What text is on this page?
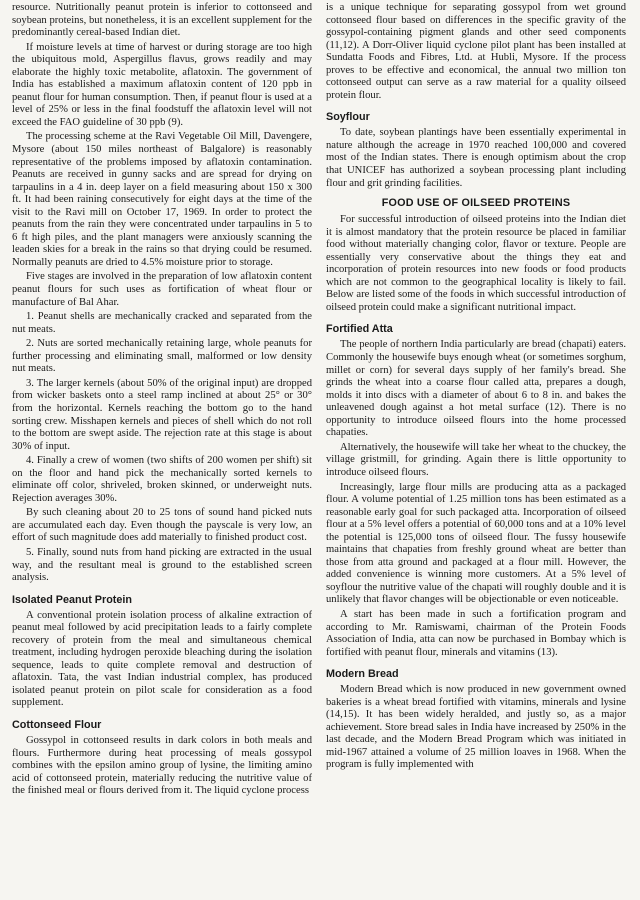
resource. Nutritionally peanut protein is inferior to cottonseed and soybean proteins, but nonetheless, it is an excellent supplement for the predominantly cereal-based Indian diet.

If moisture levels at time of harvest or during storage are too high the ubiquitous mold, Aspergillus flavus, grows readily and may elaborate the highly toxic metabolite, aflatoxin. The government of India has established a maximum aflatoxin content of 120 ppb in peanut flour for human consumption. Then, if peanut flour is used at a level of 25% or less in the final foodstuff the aflatoxin level will not exceed the FAO guideline of 30 ppb (9).

The processing scheme at the Ravi Vegetable Oil Mill, Davengere, Mysore (about 150 miles northeast of Balgalore) is reasonably representative of the problems imposed by aflatoxin contamination. Peanuts are received in gunny sacks and are spread for drying on tarpaulins in a 4 in. deep layer on a field measuring about 150 x 300 ft. It had been raining consecutively for eight days at the time of the visit to the Ravi mill on October 17, 1969. In order to protect the peanuts from the rain they were concentrated under tarpaulins in 5 to 6 ft high piles, and the plant managers were anxiously scanning the leaden skies for a break in the rains so that drying could be resumed. Normally peanuts are dried to 4.5% moisture prior to storage.

Five stages are involved in the preparation of low aflatoxin content peanut flours for such uses as fortification of wheat flour or manufacture of Bal Ahar.

1. Peanut shells are mechanically cracked and separated from the nut meats.

2. Nuts are sorted mechanically retaining large, whole peanuts for further processing and eliminating small, malformed or low density nut meats.

3. The larger kernels (about 50% of the original input) are dropped from wicker baskets onto a steel ramp inclined at about 25° or 30° from the horizontal. Kernels reaching the bottom go to the hand sorting crew. Misshapen kernels and pieces of shell which do not roll to the bottom are swept aside. The rejection rate at this stage is about 30% of input.

4. Finally a crew of women (two shifts of 200 women per shift) sit on the floor and hand pick the mechanically sorted kernels to eliminate off color, shriveled, broken skinned, or underweight nuts. Rejection averages 30%.

By such cleaning about 20 to 25 tons of sound hand picked nuts are accumulated each day. Even though the payscale is very low, an effort of such magnitude does add materially to finished product cost.

5. Finally, sound nuts from hand picking are extracted in the usual way, and the resultant meal is ground to the established screen analysis.

Isolated Peanut Protein

A conventional protein isolation process of alkaline extraction of peanut meal followed by acid precipitation leads to a fairly complete recovery of protein from the meal and simultaneous chemical treatment, including hydrogen peroxide bleaching during the isolation sequence, leads to quite complete removal and destruction of aflatoxin. Tata, the vast Indian industrial complex, has produced isolated peanut protein on pilot scale for consideration as a food supplement.

Cottonseed Flour

Gossypol in cottonseed results in dark colors in both meals and flours. Furthermore during heat processing of meals gossypol combines with the epsilon amino group of lysine, the limiting amino acid of cottonseed protein, materially reducing the nutritive value of the finished meal or flours derived from it. The liquid cyclone process

is a unique technique for separating gossypol from wet ground cottonseed flour based on differences in the specific gravity of the gossypol-containing pigment glands and other seed components (11,12). A Dorr-Oliver liquid cyclone pilot plant has been installed at Sundatta Foods and Fibres, Ltd. at Hubli, Mysore. If the process proves to be effective and economical, the annual two million ton cottonseed output can serve as a raw material for a quality oilseed protein flour.

Soyflour

To date, soybean plantings have been essentially experimental in nature although the acreage in 1970 reached 100,000 and covered most of the Indian states. There is enough optimism about the crop that UNICEF has authorized a soybean processing plant including flour and grit grinding facilities.

FOOD USE OF OILSEED PROTEINS

For successful introduction of oilseed proteins into the Indian diet it is almost mandatory that the protein resource be placed in familiar food without materially changing color, flavor or texture. People are essentially very conservative about the things they eat and incorporation of protein resources into new foods or food products which are not common to the geographical locality is likely to fail. Below are listed some of the foods in which successful introduction of oilseed protein could make a significant nutritional impact.

Fortified Atta

The people of northern India particularly are bread (chapati) eaters. Commonly the housewife buys enough wheat (or sometimes sorghum, millet or corn) for several days supply of her family's bread. She grinds the wheat into a coarse flour called atta, prepares a dough, molds it into discs with a diameter of about 6 to 8 in. and bakes the unleavened dough against a hot metal surface (12). There is no opportunity to introduce oilseed flours into the home processed chapaties.

Alternatively, the housewife will take her wheat to the chuckey, the village gristmill, for grinding. Again there is little opportunity to introduce oilseed flours.

Increasingly, large flour mills are producing atta as a packaged flour. A volume potential of 1.25 million tons has been estimated as a reasonable early goal for such packaged atta. Incorporation of oilseed flour at a 5% level offers a potential of 60,000 tons and at a 10% level the potential is 125,000 tons of oilseed flour. The fussy housewife maintains that chapaties from freshly ground wheat are better than those from atta ground and packaged at a flour mill. However, the added convenience is winning more customers. At a 5% level of soyflour the nutritive value of the chapati will roughly double and it is unlikely that flavor changes will be objectionable or even noticeable.

A start has been made in such a fortification program and according to Mr. Ramiswami, chairman of the Protein Foods Association of India, atta can now be purchased in Bombay which is fortified with peanut flour, minerals and vitamins (13).

Modern Bread

Modern Bread which is now produced in new government owned bakeries is a wheat bread fortified with vitamins, minerals and lysine (14,15). It has been widely heralded, and justly so, as a major achievement. Store bread sales in India have increased by 250% in the last decade, and the Modern Bread Program which was initiated in mid-1967 attained a volume of 25 million loaves in 1968. When the program is fully implemented with
